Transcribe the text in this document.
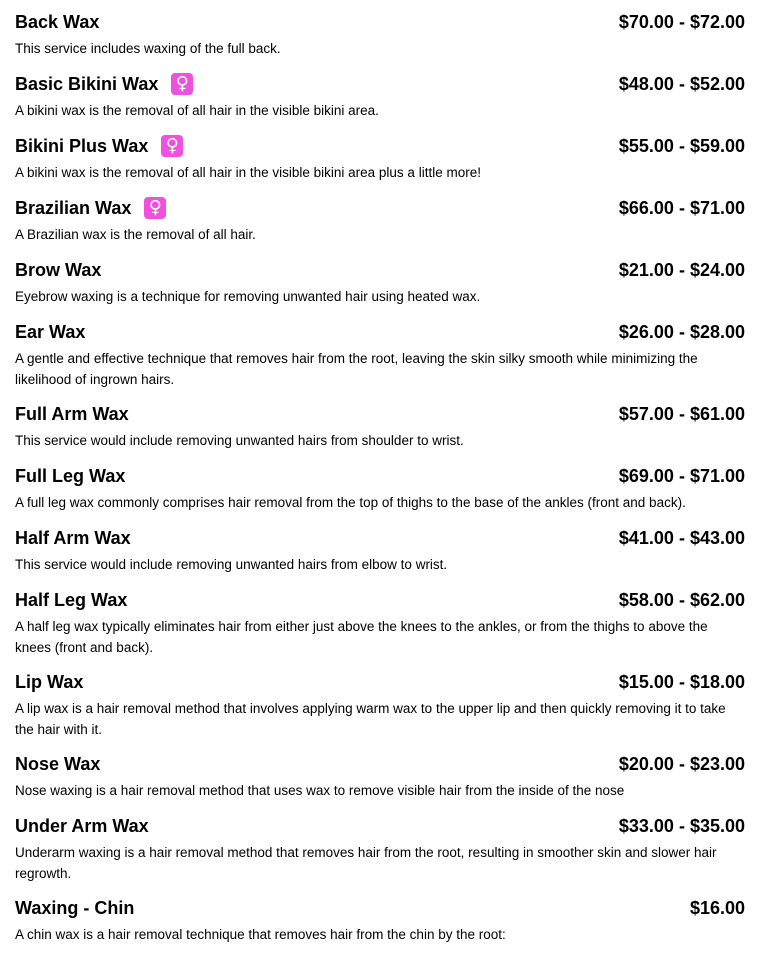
Back Wax	$70.00 - $72.00
This service includes waxing of the full back.
Basic Bikini Wax ♀	$48.00 - $52.00
A bikini wax is the removal of all hair in the visible bikini area.
Bikini Plus Wax ♀	$55.00 - $59.00
A bikini wax is the removal of all hair in the visible bikini area plus a little more!
Brazilian Wax ♀	$66.00 - $71.00
A Brazilian wax is the removal of all hair.
Brow Wax	$21.00 - $24.00
Eyebrow waxing is a technique for removing unwanted hair using heated wax.
Ear Wax	$26.00 - $28.00
A gentle and effective technique that removes hair from the root, leaving the skin silky smooth while minimizing the likelihood of ingrown hairs.
Full Arm Wax	$57.00 - $61.00
This service would include removing unwanted hairs from shoulder to wrist.
Full Leg Wax	$69.00 - $71.00
A full leg wax commonly comprises hair removal from the top of thighs to the base of the ankles (front and back).
Half Arm Wax	$41.00 - $43.00
This service would include removing unwanted hairs from elbow to wrist.
Half Leg Wax	$58.00 - $62.00
A half leg wax typically eliminates hair from either just above the knees to the ankles, or from the thighs to above the knees (front and back).
Lip Wax	$15.00 - $18.00
A lip wax is a hair removal method that involves applying warm wax to the upper lip and then quickly removing it to take the hair with it.
Nose Wax	$20.00 - $23.00
Nose waxing is a hair removal method that uses wax to remove visible hair from the inside of the nose
Under Arm Wax	$33.00 - $35.00
Underarm waxing is a hair removal method that removes hair from the root, resulting in smoother skin and slower hair regrowth.
Waxing - Chin	$16.00
A chin wax is a hair removal technique that removes hair from the chin by the root:
